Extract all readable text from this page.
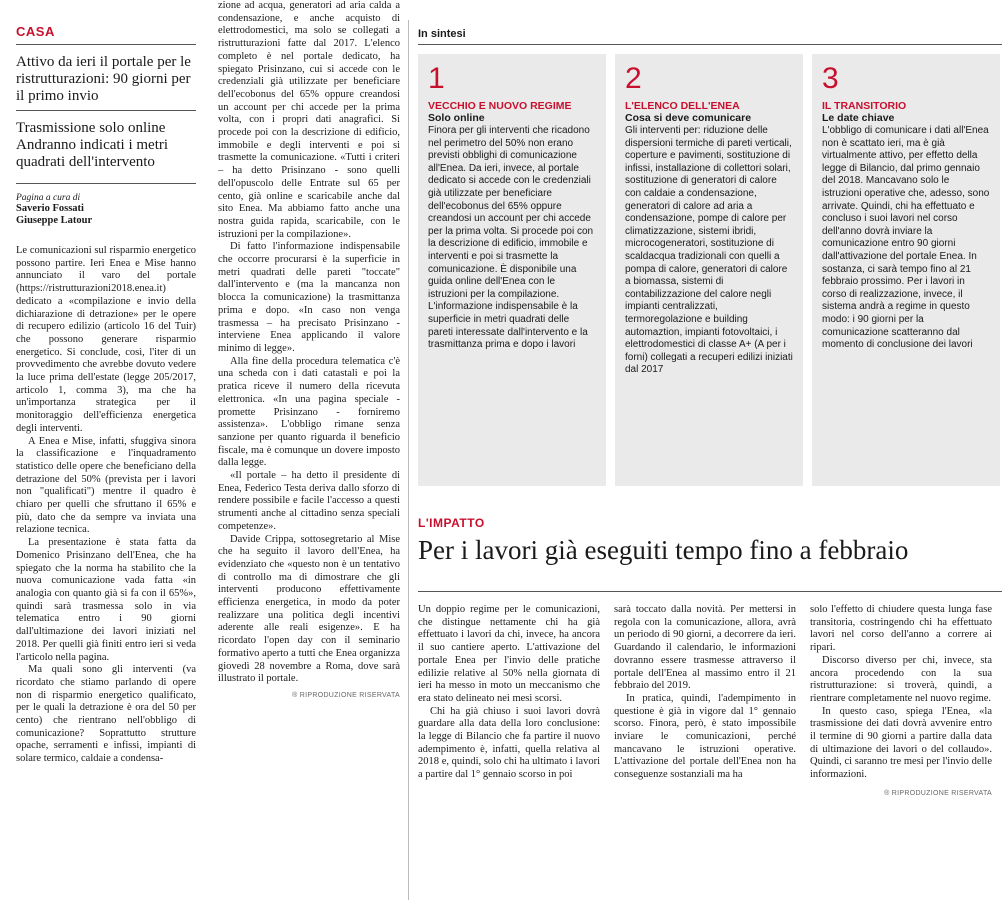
CASA
Attivo da ieri il portale per le ristrutturazioni: 90 giorni per il primo invio
Trasmissione solo online Andranno indicati i metri quadrati dell'intervento
Pagina a cura di
Saverio Fossati
Giuseppe Latour

Le comunicazioni sul risparmio energetico possono partire. Ieri Enea e Mise hanno annunciato il varo del portale (https://ristrutturazioni2018.enea.it) dedicato a «compilazione e invio della dichiarazione di detrazione» per le opere di recupero edilizio (articolo 16 del Tuir) che possono generare risparmio energetico. Si conclude, così, l'iter di un provvedimento che avrebbe dovuto vedere la luce prima dell'estate (legge 205/2017, articolo 1, comma 3), ma che ha un'importanza strategica per il monitoraggio dell'efficienza energetica degli interventi.

A Enea e Mise, infatti, sfuggiva sinora la classificazione e l'inquadramento statistico delle opere che beneficiano della detrazione del 50% (prevista per i lavori non "qualificati") mentre il quadro è chiaro per quelli che sfruttano il 65% e più, dato che da sempre va inviata una relazione tecnica.

La presentazione è stata fatta da Domenico Prisinzano dell'Enea, che ha spiegato che la norma ha stabilito che la nuova comunicazione vada fatta «in analogia con quanto già si fa con il 65%», quindi sarà trasmessa solo in via telematica entro i 90 giorni dall'ultimazione dei lavori iniziati nel 2018. Per quelli già finiti entro ieri si veda l'articolo nella pagina.

Ma quali sono gli interventi (va ricordato che stiamo parlando di opere non di risparmio energetico qualificato, per le quali la detrazione è ora del 50 per cento) che rientrano nell'obbligo di comunicazione? Soprattutto strutture opache, serramenti e infissi, impianti di solare termico, caldaie a condensa-

zione ad acqua, generatori ad aria calda a condensazione, e anche acquisto di elettrodomestici, ma solo se collegati a ristrutturazioni fatte dal 2017. L'elenco completo è nel portale dedicato, ha spiegato Prisinzano, cui si accede con le credenziali già utilizzate per beneficiare dell'ecobonus del 65% oppure creandosi un account per chi accede per la prima volta, con i propri dati anagrafici. Si procede poi con la descrizione di edificio, immobile e degli interventi e poi si trasmette la comunicazione. «Tutti i criteri – ha detto Prisinzano - sono quelli dell'opuscolo delle Entrate sul 65 per cento, già online e scaricabile anche dal sito Enea. Ma abbiamo fatto anche una nostra guida rapida, scaricabile, con le istruzioni per la compilazione».

Di fatto l'informazione indispensabile che occorre procurarsi è la superficie in metri quadrati delle pareti "toccate" dall'intervento e (ma la mancanza non blocca la comunicazione) la trasmittanza prima e dopo. «In caso non venga trasmessa – ha precisato Prisinzano - interviene Enea applicando il valore minimo di legge».

Alla fine della procedura telematica c'è una scheda con i dati catastali e poi la pratica riceve il numero della ricevuta elettronica. «In una pagina speciale - promette Prisinzano - forniremo assistenza». L'obbligo rimane senza sanzione per quanto riguarda il beneficio fiscale, ma è comunque un dovere imposto dalla legge.

«Il portale – ha detto il presidente di Enea, Federico Testa deriva dallo sforzo di rendere possibile e facile l'accesso a questi strumenti anche al cittadino senza speciali competenze».

Davide Crippa, sottosegretario al Mise che ha seguito il lavoro dell'Enea, ha evidenziato che «questo non è un tentativo di controllo ma di dimostrare che gli interventi producono effettivamente efficienza energetica, in modo da poter realizzare una politica degli incentivi aderente alle reali esigenze». E ha ricordato l'open day con il seminario formativo aperto a tutti che Enea organizza giovedì 28 novembre a Roma, dove sarà illustrato il portale.

® RIPRODUZIONE RISERVATA
In sintesi
1
VECCHIO E NUOVO REGIME
Solo online
Finora per gli interventi che ricadono nel perimetro del 50% non erano previsti obblighi di comunicazione all'Enea. Da ieri, invece, al portale dedicato si accede con le credenziali già utilizzate per beneficiare dell'ecobonus del 65% oppure creandosi un account per chi accede per la prima volta. Si procede poi con la descrizione di edificio, immobile e interventi e poi si trasmette la comunicazione. È disponibile una guida online dell'Enea con le istruzioni per la compilazione. L'informazione indispensabile è la superficie in metri quadrati delle pareti interessate dall'intervento e la trasmittanza prima e dopo i lavori
2
L'ELENCO DELL'ENEA
Cosa si deve comunicare
Gli interventi per: riduzione delle dispersioni termiche di pareti verticali, coperture e pavimenti, sostituzione di infissi, installazione di collettori solari, sostituzione di generatori di calore con caldaie a condensazione, generatori di calore ad aria a condensazione, pompe di calore per climatizzazione, sistemi ibridi, microcogeneratori, sostituzione di scaldacqua tradizionali con quelli a pompa di calore, generatori di calore a biomassa, sistemi di contabilizzazione del calore negli impianti centralizzati, termoregolazione e building automaztion, impianti fotovoltaici, i elettrodomestici di classe A+ (A per i forni) collegati a recuperi edilizi iniziati dal 2017
3
IL TRANSITORIO
Le date chiave
L'obbligo di comunicare i dati all'Enea non è scattato ieri, ma è già virtualmente attivo, per effetto della legge di Bilancio, dal primo gennaio del 2018. Mancavano solo le istruzioni operative che, adesso, sono arrivate. Quindi, chi ha effettuato e concluso i suoi lavori nel corso dell'anno dovrà inviare la comunicazione entro 90 giorni dall'attivazione del portale Enea. In sostanza, ci sarà tempo fino al 21 febbraio prossimo. Per i lavori in corso di realizzazione, invece, il sistema andrà a regime in questo modo: i 90 giorni per la comunicazione scatteranno dal momento di conclusione dei lavori
L'IMPATTO
Per i lavori già eseguiti tempo fino a febbraio

Un doppio regime per le comunicazioni, che distingue nettamente chi ha già effettuato i lavori da chi, invece, ha ancora il suo cantiere aperto. L'attivazione del portale Enea per l'invio delle pratiche edilizie relative al 50% nella giornata di ieri ha messo in moto un meccanismo che era stato delineato nei mesi scorsi.

Chi ha già chiuso i suoi lavori dovrà guardare alla data della loro conclusione: la legge di Bilancio che fa partire il nuovo adempimento è, infatti, quella relativa al 2018 e, quindi, solo chi ha ultimato i lavori a partire dal 1° gennaio scorso in poi

sarà toccato dalla novità. Per mettersi in regola con la comunicazione, allora, avrà un periodo di 90 giorni, a decorrere da ieri. Guardando il calendario, le informazioni dovranno essere trasmesse attraverso il portale dell'Enea al massimo entro il 21 febbraio del 2019.

In pratica, quindi, l'adempimento in questione è già in vigore dal 1° gennaio scorso. Finora, però, è stato impossibile inviare le comunicazioni, perché mancavano le istruzioni operative. L'attivazione del portale dell'Enea non ha conseguenze sostanziali ma ha

solo l'effetto di chiudere questa lunga fase transitoria, costringendo chi ha effettuato lavori nel corso dell'anno a correre ai ripari.

Discorso diverso per chi, invece, sta ancora procedendo con la sua ristrutturazione: si troverà, quindi, a rientrare completamente nel nuovo regime.

In questo caso, spiega l'Enea, «la trasmissione dei dati dovrà avvenire entro il termine di 90 giorni a partire dalla data di ultimazione dei lavori o del collaudo». Quindi, ci saranno tre mesi per l'invio delle informazioni.

® RIPRODUZIONE RISERVATA
